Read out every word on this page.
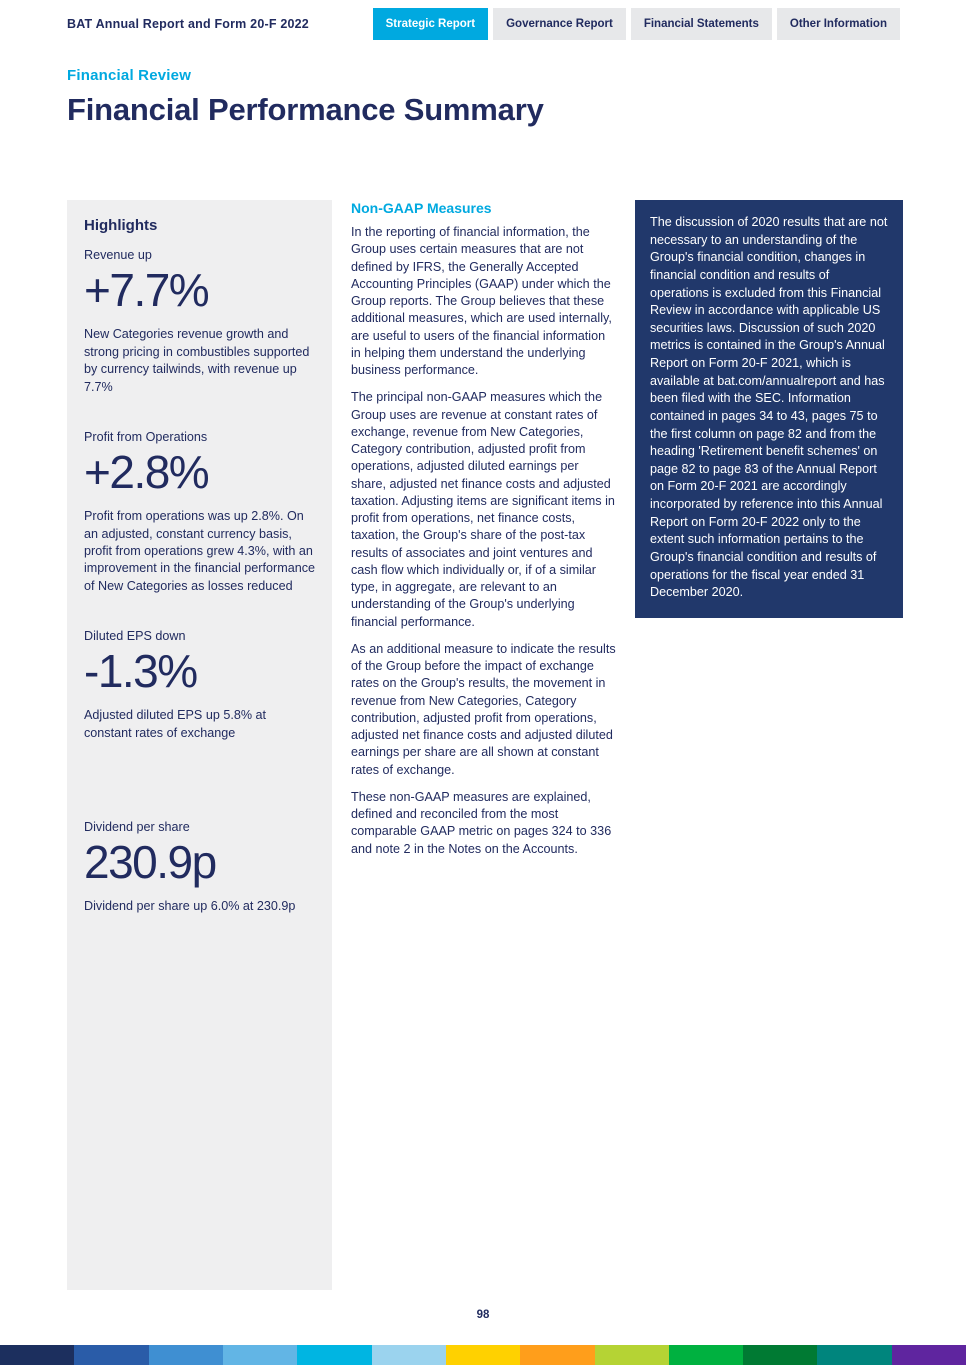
BAT Annual Report and Form 20-F 2022	Strategic Report	Governance Report	Financial Statements	Other Information
Financial Review
Financial Performance Summary
Highlights
Revenue up
+7.7%

New Categories revenue growth and strong pricing in combustibles supported by currency tailwinds, with revenue up 7.7%

Profit from Operations
+2.8%

Profit from operations was up 2.8%. On an adjusted, constant currency basis, profit from operations grew 4.3%, with an improvement in the financial performance of New Categories as losses reduced

Diluted EPS down
-1.3%

Adjusted diluted EPS up 5.8% at constant rates of exchange

Dividend per share
230.9p

Dividend per share up 6.0% at 230.9p

Non-GAAP Measures

In the reporting of financial information, the Group uses certain measures that are not defined by IFRS, the Generally Accepted Accounting Principles (GAAP) under which the Group reports. The Group believes that these additional measures, which are used internally, are useful to users of the financial information in helping them understand the underlying business performance.

The principal non-GAAP measures which the Group uses are revenue at constant rates of exchange, revenue from New Categories, Category contribution, adjusted profit from operations, adjusted diluted earnings per share, adjusted net finance costs and adjusted taxation. Adjusting items are significant items in profit from operations, net finance costs, taxation, the Group's share of the post-tax results of associates and joint ventures and cash flow which individually or, if of a similar type, in aggregate, are relevant to an understanding of the Group's underlying financial performance.

As an additional measure to indicate the results of the Group before the impact of exchange rates on the Group's results, the movement in revenue from New Categories, Category contribution, adjusted profit from operations, adjusted net finance costs and adjusted diluted earnings per share are all shown at constant rates of exchange.

These non-GAAP measures are explained, defined and reconciled from the most comparable GAAP metric on pages 324 to 336 and note 2 in the Notes on the Accounts.

The discussion of 2020 results that are not necessary to an understanding of the Group's financial condition, changes in financial condition and results of operations is excluded from this Financial Review in accordance with applicable US securities laws. Discussion of such 2020 metrics is contained in the Group's Annual Report on Form 20-F 2021, which is available at bat.com/annualreport and has been filed with the SEC. Information contained in pages 34 to 43, pages 75 to the first column on page 82 and from the heading 'Retirement benefit schemes' on page 82 to page 83 of the Annual Report on Form 20-F 2021 are accordingly incorporated by reference into this Annual Report on Form 20-F 2022 only to the extent such information pertains to the Group's financial condition and results of operations for the fiscal year ended 31 December 2020.

98
